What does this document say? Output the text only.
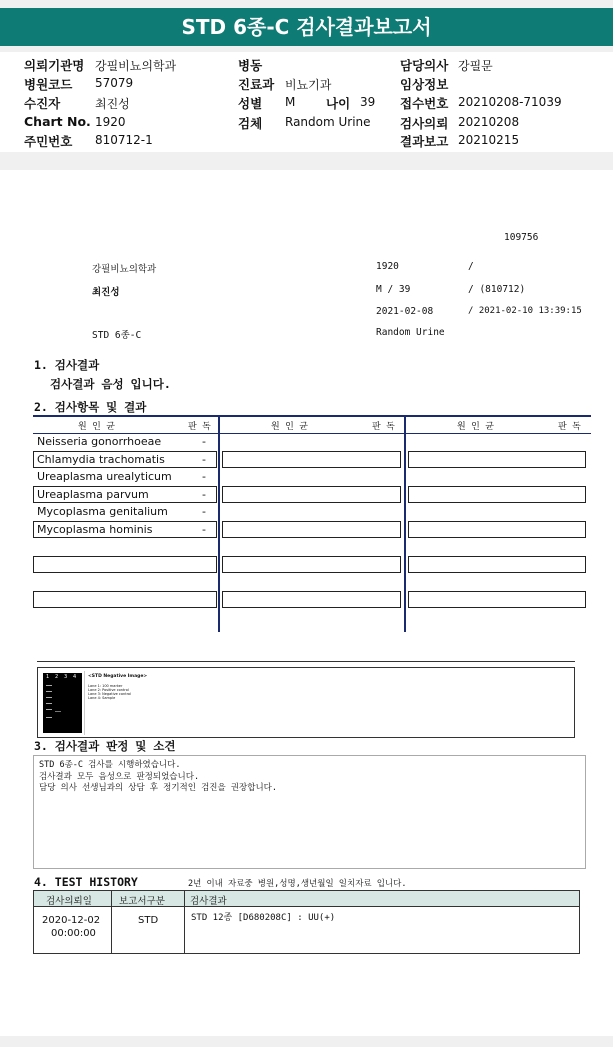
STD 6종-C 검사결과보고서
의뢰기관명 강필비뇨의학과
병원코드 57079
수진자	최진성
Chart No. 1920
주민번호 810712-1
병동
진료과 비뇨기과
성별 M 나이 39
검체 Random Urine
담당의사 강필문
임상정보
접수번호 20210208-71039
검사의뢰 20210208
결과보고 20210215
109756
강필비뇨의학과	1920	/
최진성	M / 39	/ (810712)
2021-02-08	/ 2021-02-10 13:39:15
STD 6종-C	Random Urine
1. 검사결과
검사결과 음성 입니다.
2. 검사항목 및 결과
원 인 균	판 독	원 인 균	판 독	원 인 균	판 독
Neisseria gonorrhoeae	-
Chlamydia trachomatis	-
Ureaplasma urealyticum	-
Ureaplasma parvum	-
Mycoplasma genitalium	-
Mycoplasma hominis	-
1 2 3 4	<STD Negative Image>
Lane 1: 100 marker
Lane 2: Positive control
Lane 3: Negative control
Lane 4: Sample
3. 검사결과 판정 및 소견
STD 6종-C 검사를 시행하였습니다.
검사결과 모두 음성으로 판정되었습니다.
담당 의사 선생님과의 상담 후 정기적인 검진을 권장합니다.
4. TEST HISTORY	2년 이내 자료중 병원,성명,생년월일 일치자료 입니다.
검사의뢰일	보고서구분	검사결과
2020-12-02
00:00:00
STD	STD 12종 [D680208C] : UU(+)
